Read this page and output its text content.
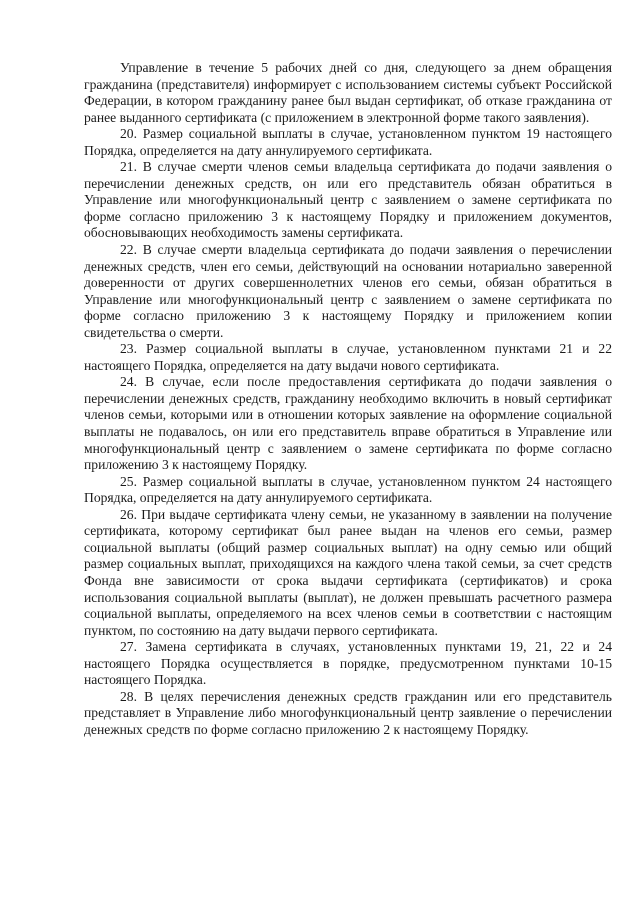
Управление в течение 5 рабочих дней со дня, следующего за днем обращения гражданина (представителя) информирует с использованием системы субъект Российской Федерации, в котором гражданину ранее был выдан сертификат, об отказе гражданина от ранее выданного сертификата (с приложением в электронной форме такого заявления).

20. Размер социальной выплаты в случае, установленном пунктом 19 настоящего Порядка, определяется на дату аннулируемого сертификата.

21. В случае смерти членов семьи владельца сертификата до подачи заявления о перечислении денежных средств, он или его представитель обязан обратиться в Управление или многофункциональный центр с заявлением о замене сертификата по форме согласно приложению 3 к настоящему Порядку и приложением документов, обосновывающих необходимость замены сертификата.

22. В случае смерти владельца сертификата до подачи заявления о перечислении денежных средств, член его семьи, действующий на основании нотариально заверенной доверенности от других совершеннолетних членов его семьи, обязан обратиться в Управление или многофункциональный центр с заявлением о замене сертификата по форме согласно приложению 3 к настоящему Порядку и приложением копии свидетельства о смерти.

23. Размер социальной выплаты в случае, установленном пунктами 21 и 22 настоящего Порядка, определяется на дату выдачи нового сертификата.

24. В случае, если после предоставления сертификата до подачи заявления о перечислении денежных средств, гражданину необходимо включить в новый сертификат членов семьи, которыми или в отношении которых заявление на оформление социальной выплаты не подавалось, он или его представитель вправе обратиться в Управление или многофункциональный центр с заявлением о замене сертификата по форме согласно приложению 3 к настоящему Порядку.

25. Размер социальной выплаты в случае, установленном пунктом 24 настоящего Порядка, определяется на дату аннулируемого сертификата.

26. При выдаче сертификата члену семьи, не указанному в заявлении на получение сертификата, которому сертификат был ранее выдан на членов его семьи, размер социальной выплаты (общий размер социальных выплат) на одну семью или общий размер социальных выплат, приходящихся на каждого члена такой семьи, за счет средств Фонда вне зависимости от срока выдачи сертификата (сертификатов) и срока использования социальной выплаты (выплат), не должен превышать расчетного размера социальной выплаты, определяемого на всех членов семьи в соответствии с настоящим пунктом, по состоянию на дату выдачи первого сертификата.

27. Замена сертификата в случаях, установленных пунктами 19, 21, 22 и 24 настоящего Порядка осуществляется в порядке, предусмотренном пунктами 10-15 настоящего Порядка.

28. В целях перечисления денежных средств гражданин или его представитель представляет в Управление либо многофункциональный центр заявление о перечислении денежных средств по форме согласно приложению 2 к настоящему Порядку.
